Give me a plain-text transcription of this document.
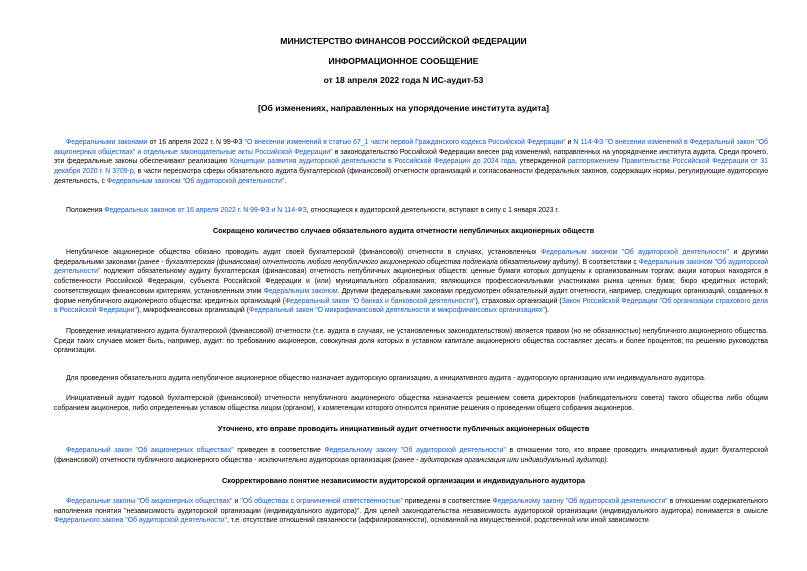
МИНИСТЕРСТВО ФИНАНСОВ РОССИЙСКОЙ ФЕДЕРАЦИИ
ИНФОРМАЦИОННОЕ СООБЩЕНИЕ
от 18 апреля 2022 года N ИС-аудит-53
[Об изменениях, направленных на упорядочение института аудита]

Федеральными законами от 16 апреля 2022 г. N 99-ФЗ "О внесении изменений в статью 67_1 части первой Гражданского кодекса Российской Федерации" и N 114-ФЗ "О внесении изменений в Федеральный закон "Об акционерных обществах" и отдельные законодательные акты Российской Федерации" в законодательство Российской Федерации внесен ряд изменений, направленных на упорядочение института аудита. Среди прочего, эти федеральные законы обеспечивают реализацию Концепции развития аудиторской деятельности в Российской Федерации до 2024 года, утвержденной распоряжением Правительства Российской Федерации от 31 декабря 2020 г. N 3709-р, в части пересмотра сферы обязательного аудита бухгалтерской (финансовой) отчетности организаций и согласованности федеральных законов, содержащих нормы, регулирующие аудиторскую деятельность, с Федеральным законом "Об аудиторской деятельности".

Положения Федеральных законов от 16 апреля 2022 г. N 99-ФЗ и N 114-ФЗ, относящиеся к аудиторской деятельности, вступают в силу с 1 января 2023 г.

Сокращено количество случаев обязательного аудита отчетности непубличных акционерных обществ

Непубличное акционерное общество обязано проводить аудит своей бухгалтерской (финансовой) отчетности в случаях, установленных Федеральным законом "Об аудиторской деятельности" и другими федеральными законами (ранее - бухгалтерская (финансовая) отчетность любого непубличного акционерного общества подлежала обязательному аудиту). В соответствии с Федеральным законом "Об аудиторской деятельности" подлежит обязательному аудиту бухгалтерская (финансовая) отчетность непубличных акционерных обществ: ценные бумаги которых допущены к организованным торгам; акции которых находятся в собственности Российской Федерации, субъекта Российской Федерации и (или) муниципального образования; являющихся профессиональными участниками рынка ценных бумаг, бюро кредитных историй; соответствующих финансовым критериям, установленным этим Федеральным законом. Другими федеральными законами предусмотрен обязательный аудит отчетности, например, следующих организаций, созданных в форме непубличного акционерного общества: кредитных организаций (Федеральный закон "О банках и банковской деятельности"), страховых организаций (Закон Российской Федерации "Об организации страхового дела в Российской Федерации"), микрофинансовых организаций (Федеральный закон "О микрофинансовой деятельности и микрофинансовых организациях").

Проведение инициативного аудита бухгалтерской (финансовой) отчетности (т.е. аудита в случаях, не установленных законодательством) является правом (но не обязанностью) непубличного акционерного общества. Среди таких случаев может быть, например, аудит: по требованию акционеров, совокупная доля которых в уставном капитале акционерного общества составляет десять и более процентов; по решению руководства организации.

Для проведения обязательного аудита непубличное акционерное общество назначает аудиторскую организацию, а инициативного аудита - аудиторскую организацию или индивидуального аудитора.

Инициативный аудит годовой бухгалтерской (финансовой) отчетности непубличного акционерного общества назначается решением совета директоров (наблюдательного совета) такого общества либо общим собранием акционеров, либо определенным уставом общества лицом (органом), к компетенции которого относится принятие решения о проведении общего собрания акционеров.

Уточнено, кто вправе проводить инициативный аудит отчетности публичных акционерных обществ

Федеральный закон "Об акционерных обществах" приведен в соответствие Федеральному закону "Об аудиторской деятельности" в отношении того, кто вправе проводить инициативный аудит бухгалтерской (финансовой) отчетности публичного акционерного общества - исключительно аудиторская организация (ранее - аудиторская организация или индивидуальный аудитор).

Скорректировано понятие независимости аудиторской организации и индивидуального аудитора

Федеральные законы "Об акционерных обществах" и "Об обществах с ограниченной ответственностью" приведены в соответствие Федеральному закону "Об аудиторской деятельности" в отношении содержательного наполнения понятия "независимость аудиторской организации (индивидуального аудитора)". Для целей законодательства независимость аудиторской организации (индивидуального аудитора) понимается в смысле Федерального закона "Об аудиторской деятельности", т.е. отсутствие отношений связанности (аффилированности), основанной на имущественной, родственной или иной зависимости
